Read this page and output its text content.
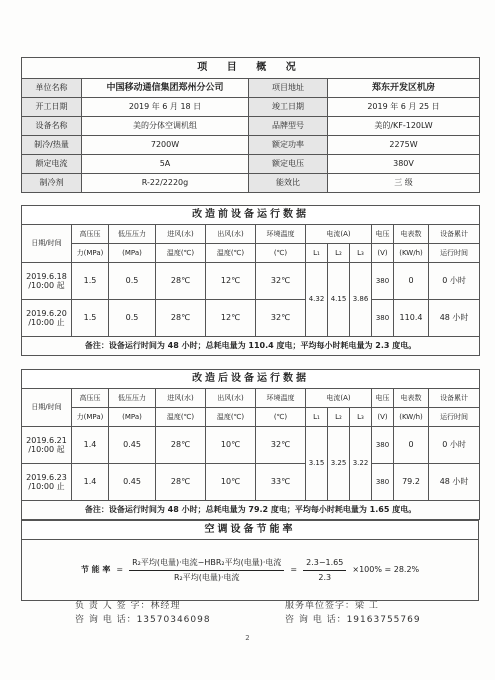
项 目 概 况			
单位名称	中国移动通信集团郑州分公司	项目地址	郑东开发区机房
开工日期	2019 年 6 月 18 日	竣工日期	2019 年 6 月 25 日
设备名称	美的分体空调机组	品牌型号	美的/KF-120LW
制冷/热量	7200W	额定功率	2275W
额定电流	5A	额定电压	380V
制冷剂	R-22/2220g	能效比	三 级
改造前设备运行数据											
日期/时间	高压压	低压压力	进风(水)	出风(水)	环境温度	电流(A)			电压	电表数	设备累计
	力(MPa)	(MPa)	温度(℃)	温度(℃)	(℃)	L₁	L₂	L₃	(V)	(KW/h)	运行时间
2019.6.18
/10:00 起	1.5	0.5	28℃	12℃	32℃	4.32	4.15	3.86	380	0	0 小时
2019.6.20
/10:00 止	1.5	0.5	28℃	12℃	32℃				380	110.4	48 小时
备注：设备运行时间为 48 小时；总耗电量为 110.4 度电；平均每小时耗电量为 2.3 度电。											
改造后设备运行数据											
日期/时间	高压压	低压压力	进风(水)	出风(水)	环境温度	电流(A)			电压	电表数	设备累计
	力(MPa)	(MPa)	温度(℃)	温度(℃)	(℃)	L₁	L₂	L₃	(V)	(KW/h)	运行时间
2019.6.21
/10:00 起	1.4	0.45	28℃	10℃	32℃	3.15	3.25	3.22	380	0	0 小时
2019.6.23
/10:00 止	1.4	0.45	28℃	10℃	33℃				380	79.2	48 小时
备注：设备运行时间为 48 小时；总耗电量为 79.2 度电；平均每小时耗电量为 1.65 度电。											
空调设备节能率

节 能 率 = $\frac{\text{R₂平均(电量)·电流−HBR₂平均(电量)·电流}}{\text{R₂平均(电量)·电流}} = \frac{2.3-1.65}{2.3} \times 100\% = 28.2\%$
负 责 人 签 字：林经理
咨 询 电 话：13570346098
服务单位签字：梁 工
咨 询 电 话：19163755769
2
